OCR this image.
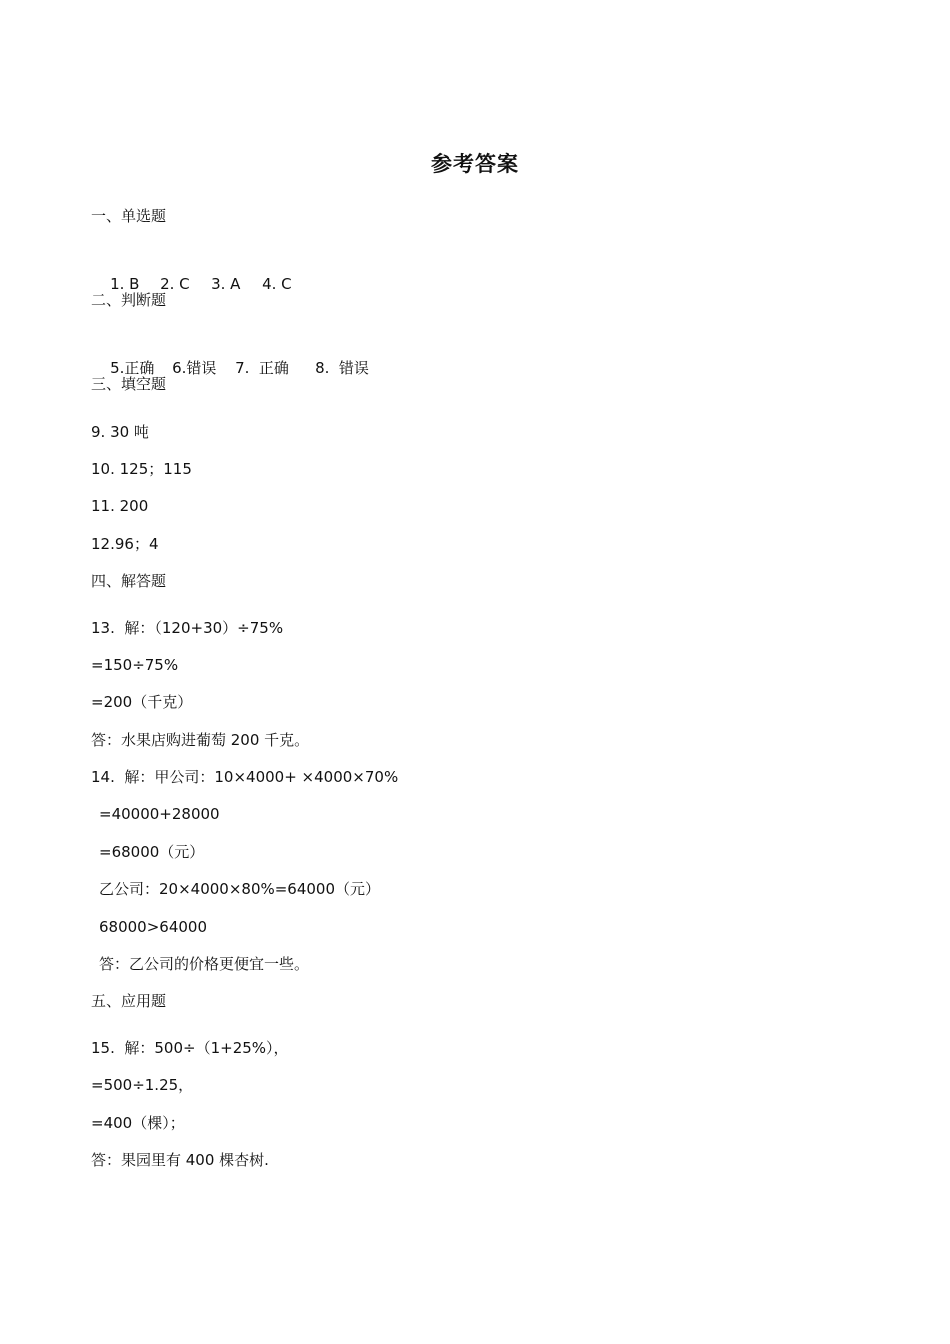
参考答案
一、单选题

1. B 2. C 3. A 4. C

二、判断题

5.正确 6.错误 7.  正确 8.  错误

三、填空题
9. 30 吨
10. 125；115
11. 200
12.96；4
四、解答题
13.  解：（120+30）÷75%
=150÷75%
=200（千克）
答：水果店购进葡萄 200 千克。
14.  解：甲公司：10×4000+ ×4000×70%
=40000+28000
=68000（元）
乙公司：20×4000×80%=64000（元）
68000>64000
答：乙公司的价格更便宜一些。
五、应用题
15.  解：500÷（1+25%），
=500÷1.25，
=400（棵）；
答：果园里有 400 棵杏树.
